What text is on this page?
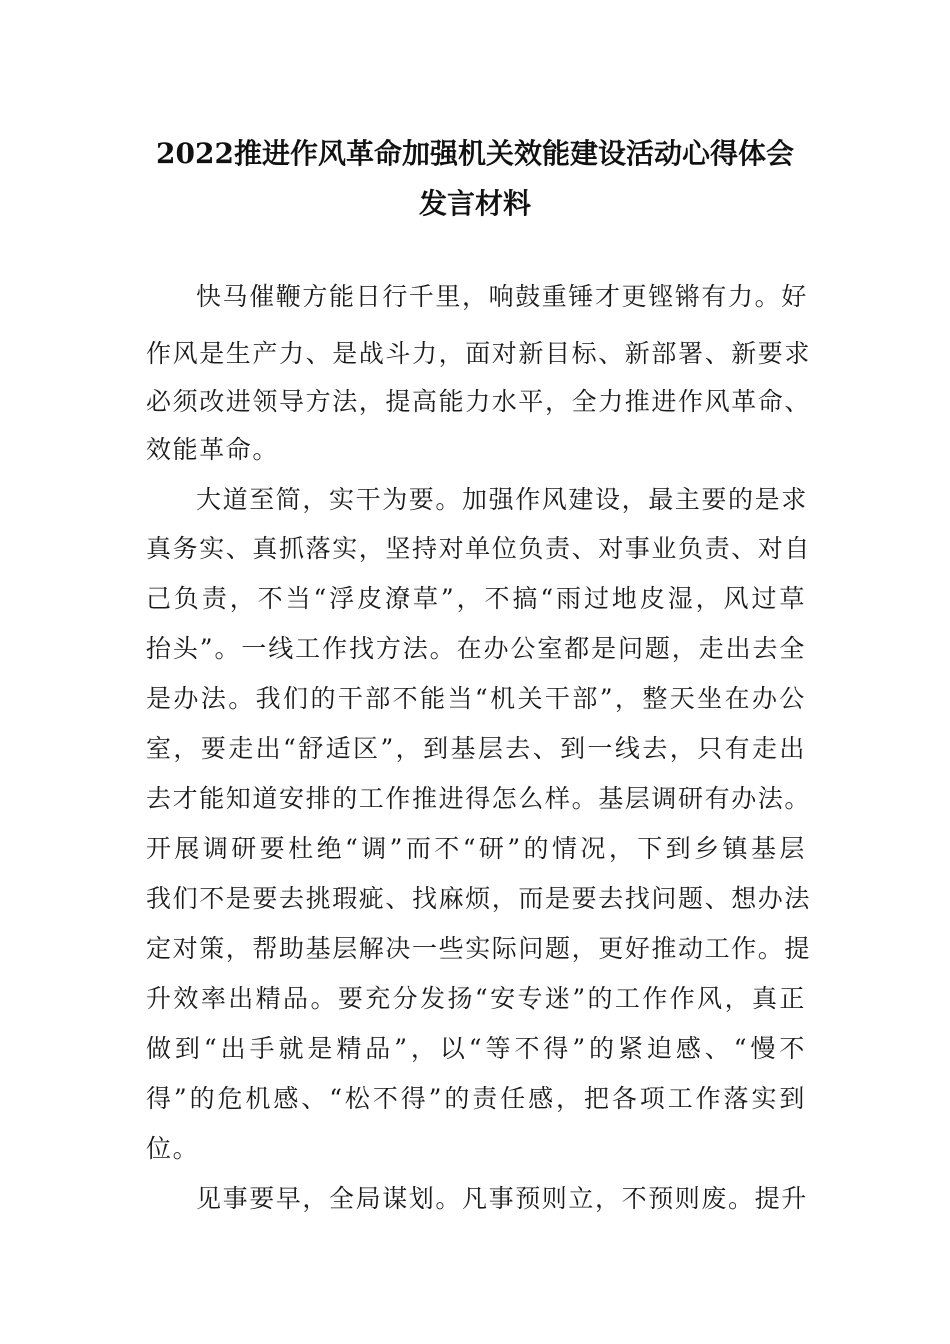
2022推进作风革命加强机关效能建设活动心得体会
发言材料
快马催鞭方能日行千里，响鼓重锤才更铿锵有力。好
作风是生产力、是战斗力，面对新目标、新部署、新要求
必须改进领导方法，提高能力水平，全力推进作风革命、
效能革命。
大道至简，实干为要。加强作风建设，最主要的是求
真务实、真抓落实，坚持对单位负责、对事业负责、对自
己负责，不当“浮皮潦草”，不搞“雨过地皮湿，风过草
抬头”。一线工作找方法。在办公室都是问题，走出去全
是办法。我们的干部不能当“机关干部”，整天坐在办公
室，要走出“舒适区”，到基层去、到一线去，只有走出
去才能知道安排的工作推进得怎么样。基层调研有办法。
开展调研要杜绝“调”而不“研”的情况，下到乡镇基层
我们不是要去挑瑕疵、找麻烦，而是要去找问题、想办法
定对策，帮助基层解决一些实际问题，更好推动工作。提
升效率出精品。要充分发扬“安专迷”的工作作风，真正
做到“出手就是精品”，以“等不得”的紧迫感、“慢不
得”的危机感、“松不得”的责任感，把各项工作落实到
位。
见事要早，全局谋划。凡事预则立，不预则废。提升
